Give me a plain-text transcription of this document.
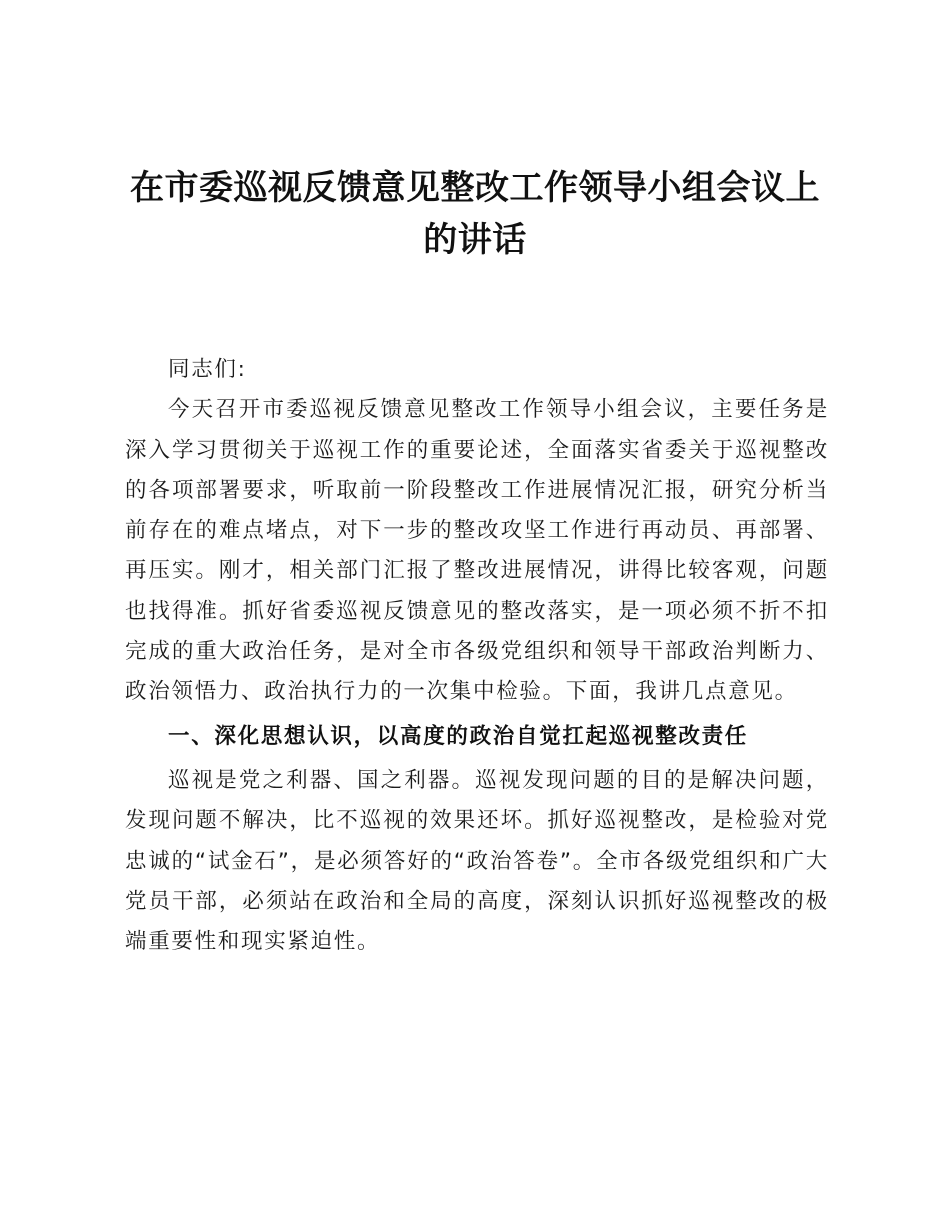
在市委巡视反馈意见整改工作领导小组会议上
的讲话

同志们:

今天召开市委巡视反馈意见整改工作领导小组会议，主要任务是深入学习贯彻关于巡视工作的重要论述，全面落实省委关于巡视整改的各项部署要求，听取前一阶段整改工作进展情况汇报，研究分析当前存在的难点堵点，对下一步的整改攻坚工作进行再动员、再部署、再压实。刚才，相关部门汇报了整改进展情况，讲得比较客观，问题也找得准。抓好省委巡视反馈意见的整改落实，是一项必须不折不扣完成的重大政治任务，是对全市各级党组织和领导干部政治判断力、政治领悟力、政治执行力的一次集中检验。下面，我讲几点意见。

一、深化思想认识，以高度的政治自觉扛起巡视整改责任

巡视是党之利器、国之利器。巡视发现问题的目的是解决问题，发现问题不解决，比不巡视的效果还坏。抓好巡视整改，是检验对党忠诚的“试金石”，是必须答好的“政治答卷”。全市各级党组织和广大党员干部，必须站在政治和全局的高度，深刻认识抓好巡视整改的极端重要性和现实紧迫性。
